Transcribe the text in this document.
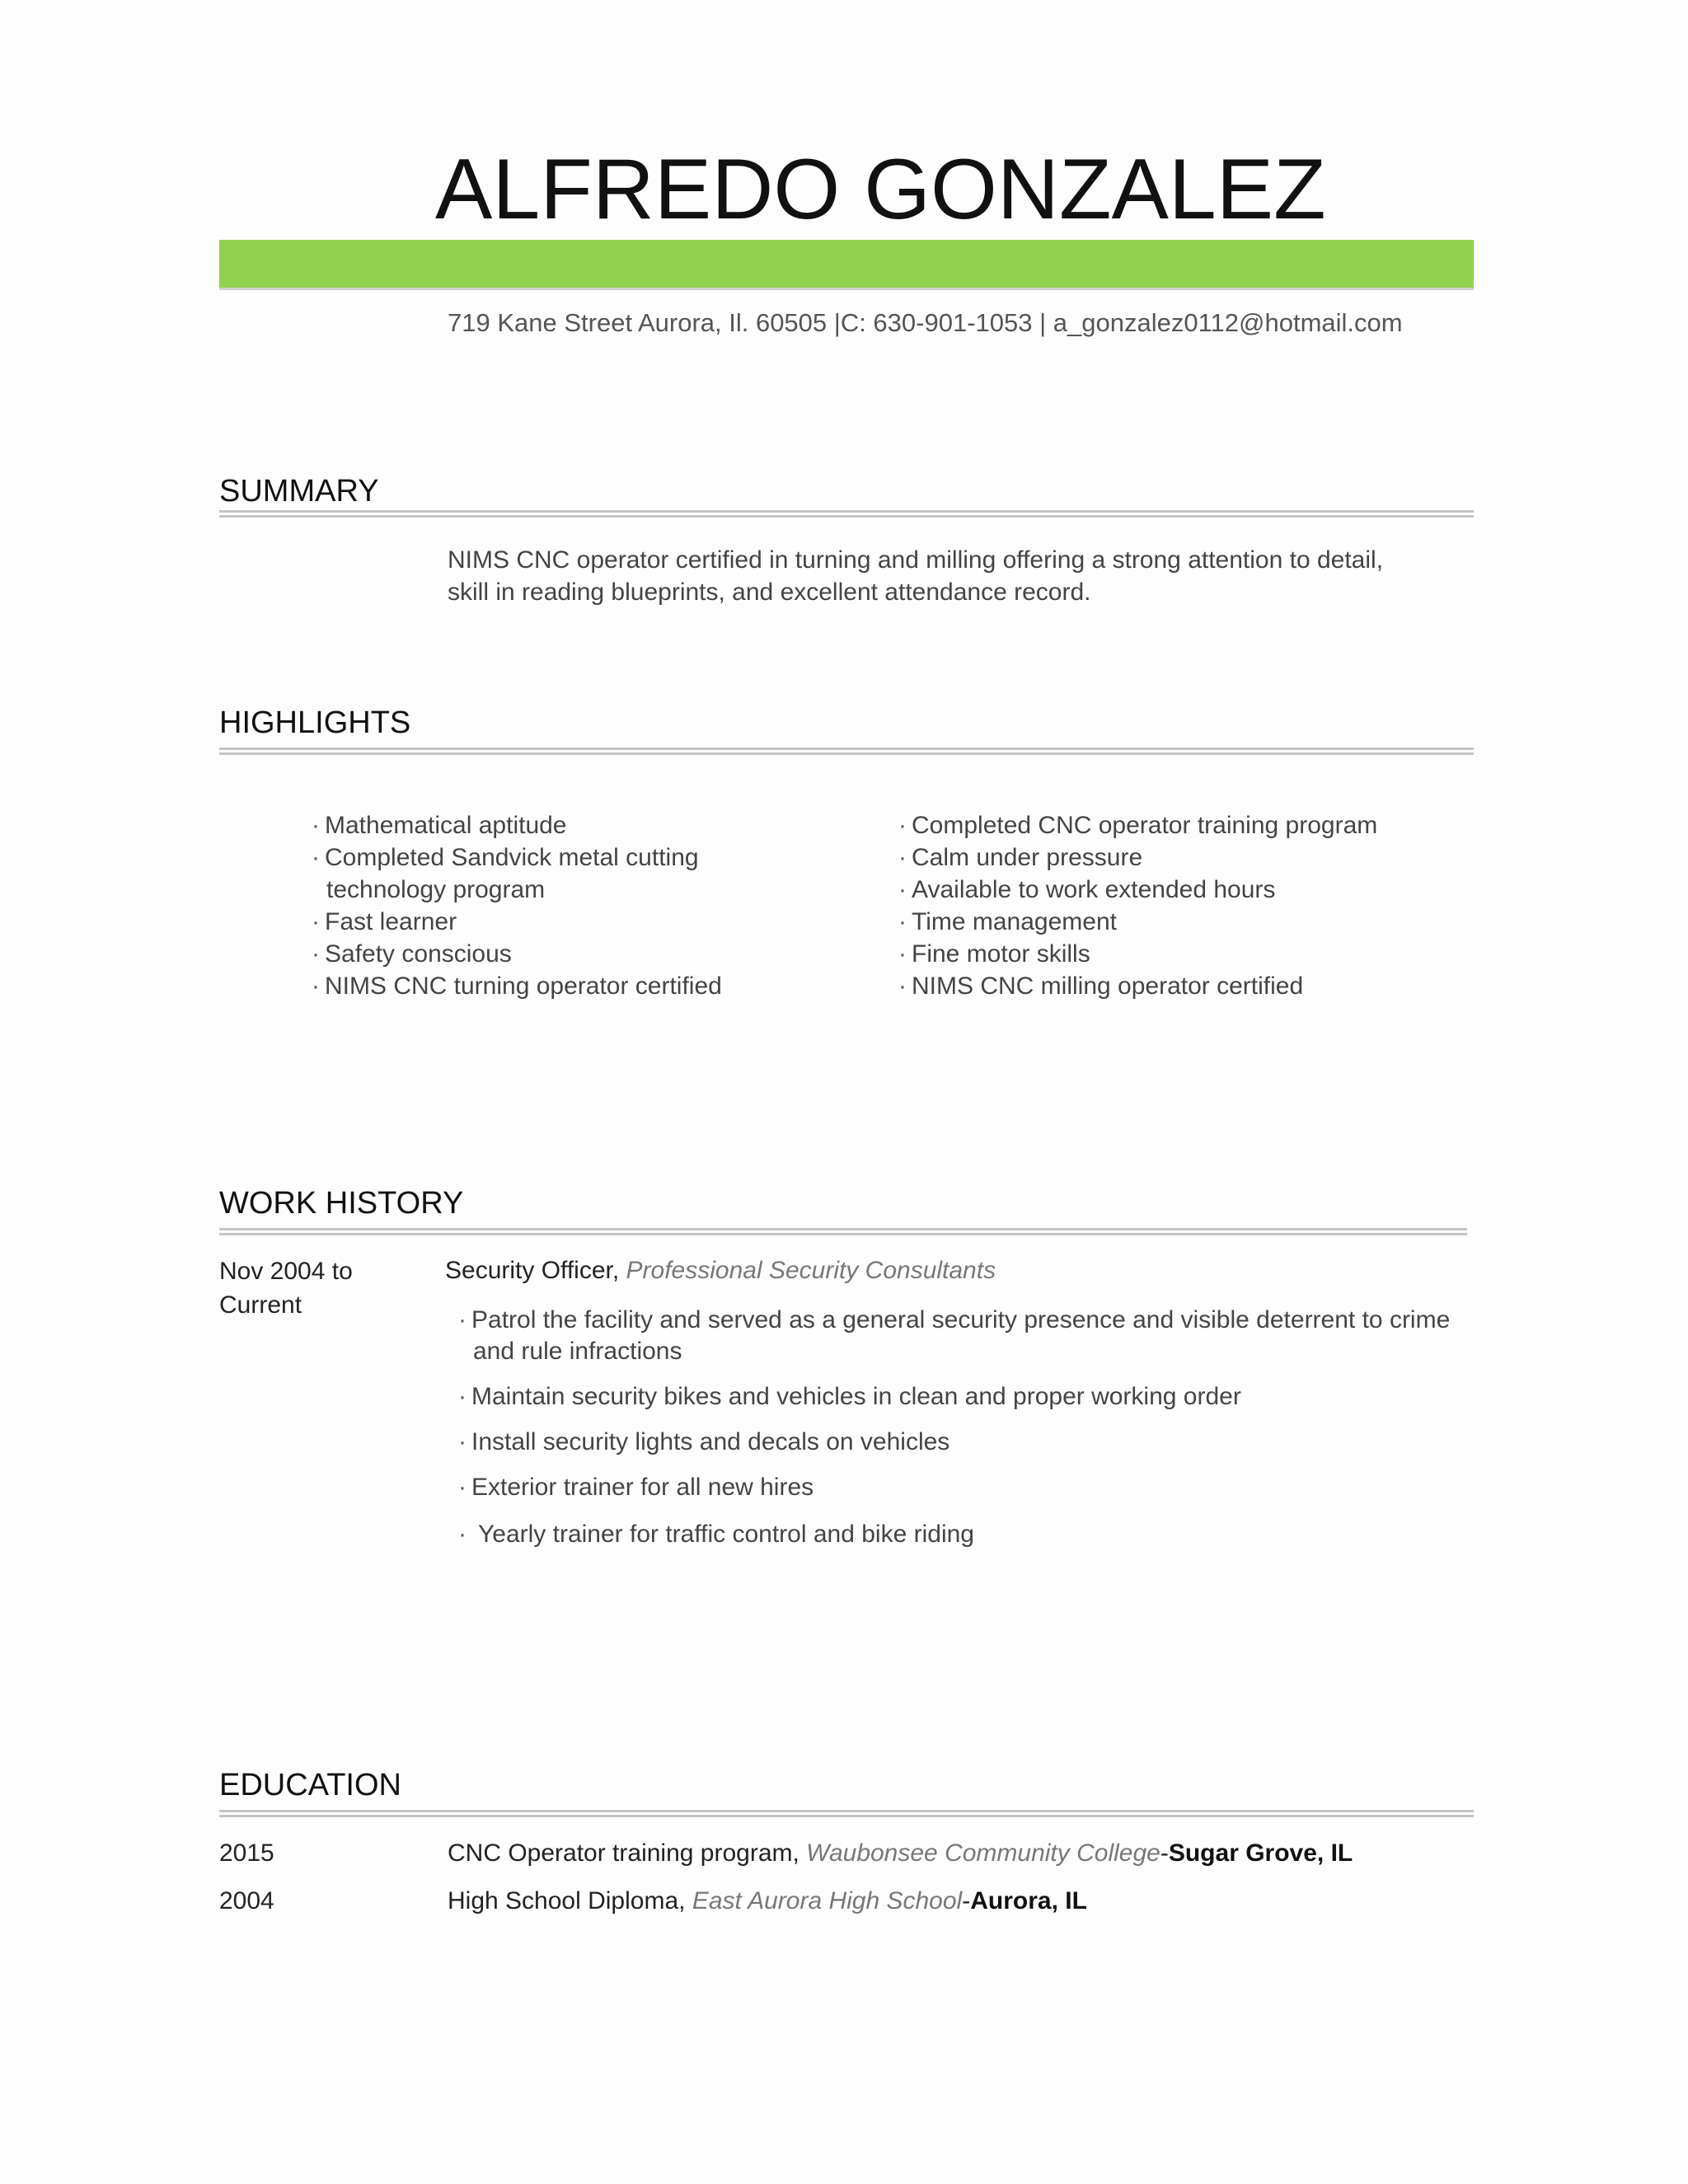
ALFREDO GONZALEZ
719 Kane Street Aurora, Il. 60505 |C: 630-901-1053 | a_gonzalez0112@hotmail.com
SUMMARY
NIMS CNC operator certified in turning and milling offering a strong attention to detail,
skill in reading blueprints, and excellent attendance record.
HIGHLIGHTS
· Mathematical aptitude
· Completed Sandvick metal cutting technology program
· Fast learner
· Safety conscious
· NIMS CNC turning operator certified
· Completed CNC operator training program
· Calm under pressure
· Available to work extended hours
· Time management
· Fine motor skills
· NIMS CNC milling operator certified
WORK HISTORY
Nov 2004 to Current
Security Officer, Professional Security Consultants
· Patrol the facility and served as a general security presence and visible deterrent to crime and rule infractions
· Maintain security bikes and vehicles in clean and proper working order
· Install security lights and decals on vehicles
· Exterior trainer for all new hires
· Yearly trainer for traffic control and bike riding
EDUCATION
2015	CNC Operator training program, Waubonsee Community College-Sugar Grove, IL
2004	High School Diploma, East Aurora High School-Aurora, IL
